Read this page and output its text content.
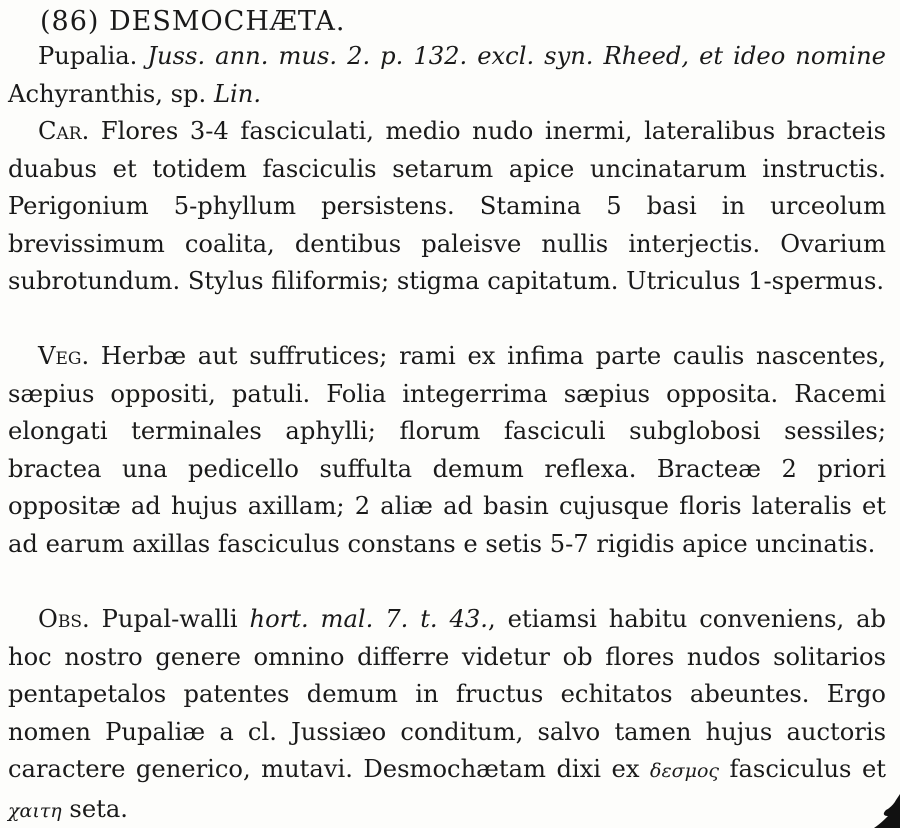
(86) DESMOCHÆTA.

Pupalia. Juss. ann. mus. 2. p. 132. excl. syn. Rheed, et ideo nomine Achyranthis, sp. Lin.

Car. Flores 3-4 fasciculati, medio nudo inermi, lateralibus bracteis duabus et totidem fasciculis setarum apice uncinatarum instructis. Perigonium 5-phyllum persistens. Stamina 5 basi in urceolum brevissimum coalita, dentibus paleisve nullis interjectis. Ovarium subrotundum. Stylus filiformis; stigma capitatum. Utriculus 1-spermus.

Veg. Herbæ aut suffrutices; rami ex infima parte caulis nascentes, sæpius oppositi, patuli. Folia integerrima sæpius opposita. Racemi elongati terminales aphylli; florum fasciculi subglobosi sessiles; bractea una pedicello suffulta demum reflexa. Bracteæ 2 priori oppositæ ad hujus axillam; 2 aliæ ad basin cujusque floris lateralis et ad earum axillas fasciculus constans e setis 5-7 rigidis apice uncinatis.

Obs. Pupal-walli hort. mal. 7. t. 43., etiamsi habitu conveniens, ab hoc nostro genere omnino differre videtur ob flores nudos solitarios pentapetalos patentes demum in fructus echitatos abeuntes. Ergo nomen Pupaliæ a cl. Jussiæo conditum, salvo tamen hujus auctoris caractere generico, mutavi. Desmochætam dixi ex δεσμος fasciculus et χαιτη seta.
